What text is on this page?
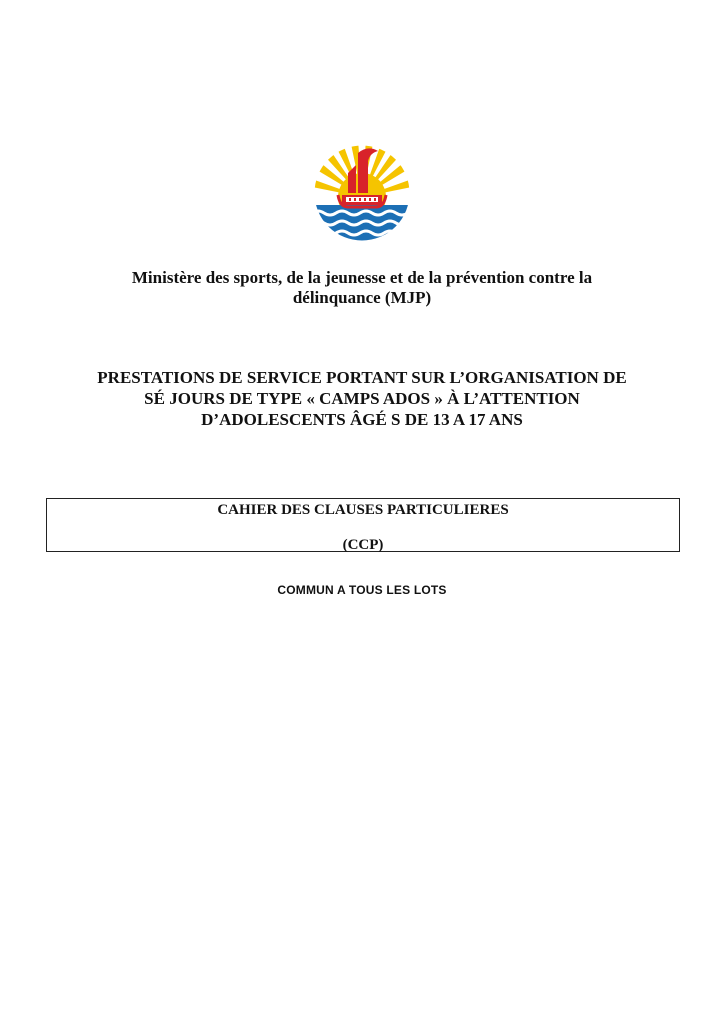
Ministère des sports, de la jeunesse et de la prévention contre la
délinquance (MJP)
PRESTATIONS DE SERVICE PORTANT SUR L’ORGANISATION DE
SÉ JOURS DE TYPE « CAMPS ADOS » À L’ATTENTION
D’ADOLESCENTS ÂGÉ S DE 13 A 17 ANS
CAHIER DES CLAUSES PARTICULIERES
(CCP)
COMMUN A TOUS LES LOTS
